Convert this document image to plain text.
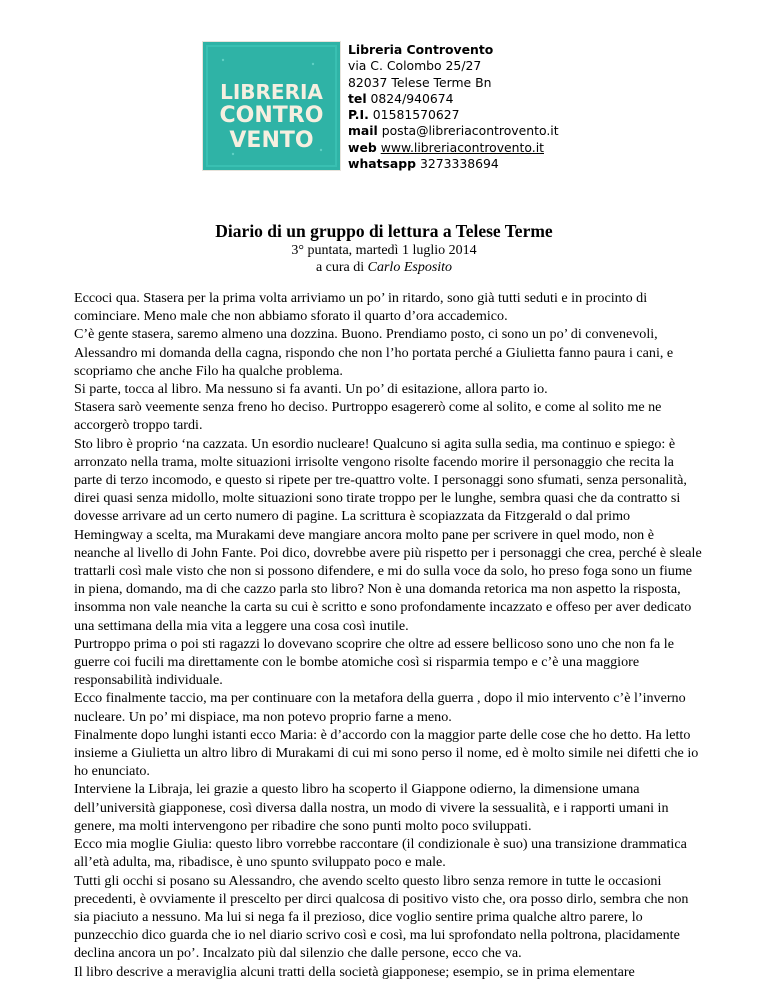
LIBRERIA
CONTRO
VENTO
Libreria Controvento
via C. Colombo 25/27
82037 Telese Terme Bn
tel 0824/940674
P.I. 01581570627
mail posta@libreriacontrovento.it
web www.libreriacontrovento.it
whatsapp 3273338694
Diario di un gruppo di lettura a Telese Terme
3° puntata, martedì 1 luglio 2014
a cura di Carlo Esposito

Eccoci qua. Stasera per la prima volta arriviamo un po’ in ritardo, sono già tutti seduti e in procinto di cominciare. Meno male che non abbiamo sforato il quarto d’ora accademico.

C’è gente stasera, saremo almeno una dozzina. Buono. Prendiamo posto, ci sono un po’ di convenevoli, Alessandro mi domanda della cagna, rispondo che non l’ho portata perché a Giulietta fanno paura i cani, e scopriamo che anche Filo ha qualche problema.

Si parte, tocca al libro. Ma nessuno si fa avanti. Un po’ di esitazione, allora parto io.

Stasera sarò veemente senza freno ho deciso. Purtroppo esagererò come al solito, e come al solito me ne accorgerò troppo tardi.

Sto libro è proprio ‘na cazzata. Un esordio nucleare! Qualcuno si agita sulla sedia, ma continuo e spiego: è arronzato nella trama, molte situazioni irrisolte vengono risolte facendo morire il personaggio che recita la parte di terzo incomodo, e questo si ripete per tre-quattro volte. I personaggi sono sfumati, senza personalità, direi quasi senza midollo, molte situazioni sono tirate troppo per le lunghe, sembra quasi che da contratto si dovesse arrivare ad un certo numero di pagine. La scrittura è scopiazzata da Fitzgerald o dal primo Hemingway a scelta, ma Murakami deve mangiare ancora molto pane per scrivere in quel modo, non è neanche al livello di John Fante. Poi dico, dovrebbe avere più rispetto per i personaggi che crea, perché è sleale trattarli così male visto che non si possono difendere, e mi do sulla voce da solo, ho preso foga sono un fiume in piena, domando, ma di che cazzo parla sto libro? Non è una domanda retorica ma non aspetto la risposta, insomma non vale neanche la carta su cui è scritto e sono profondamente incazzato e offeso per aver dedicato una settimana della mia vita a leggere una cosa così inutile.

Purtroppo prima o poi sti ragazzi lo dovevano scoprire che oltre ad essere bellicoso sono uno che non fa le guerre coi fucili ma direttamente con le bombe atomiche così si risparmia tempo e c’è una maggiore responsabilità individuale.

Ecco finalmente taccio, ma per continuare con la metafora della guerra , dopo il mio intervento c’è l’inverno nucleare. Un po’ mi dispiace, ma non potevo proprio farne a meno.

Finalmente dopo lunghi istanti ecco Maria: è d’accordo con la maggior parte delle cose che ho detto. Ha letto insieme a Giulietta un altro libro di Murakami di cui mi sono perso il nome, ed è molto simile nei difetti che io ho enunciato.

Interviene la Libraja, lei grazie a questo libro ha scoperto il Giappone odierno, la dimensione umana dell’università giapponese, così diversa dalla nostra, un modo di vivere la sessualità, e i rapporti umani in genere, ma molti intervengono per ribadire che sono punti molto poco sviluppati.

Ecco mia moglie Giulia: questo libro vorrebbe raccontare (il condizionale è suo) una transizione drammatica all’età adulta, ma, ribadisce, è uno spunto sviluppato poco e male.

Tutti gli occhi si posano su Alessandro, che avendo scelto questo libro senza remore in tutte le occasioni precedenti, è ovviamente il prescelto per dirci qualcosa di positivo visto che, ora posso dirlo, sembra che non sia piaciuto a nessuno. Ma lui si nega fa il prezioso, dice voglio sentire prima qualche altro parere, lo punzecchio dico guarda che io nel diario scrivo così e così, ma lui sprofondato nella poltrona, placidamente declina ancora un po’. Incalzato più dal silenzio che dalle persone, ecco che va.

Il libro descrive a meraviglia alcuni tratti della società giapponese; esempio, se in prima elementare
